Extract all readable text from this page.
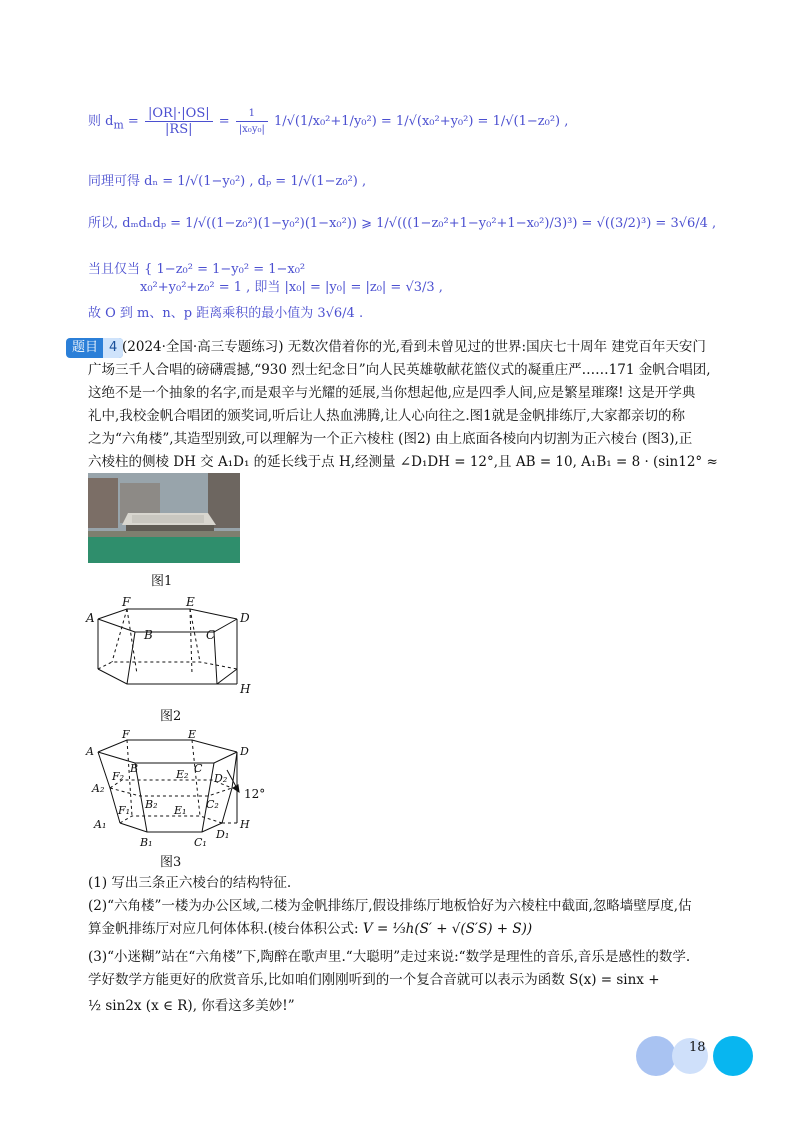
则 $d_m = \frac{|OR|\cdot|OS|}{|RS|} = \frac{1}{\text{|x₀y₀|}} 1/√(1/x_0^2+1/y_0^2) = 1/√(x_0^2+y_0^2) = 1/√(1-z_0^2)$ ,
同理可得 dₙ = 1/√(1−y₀²) , dₚ = 1/√(1−z₀²) ,
所以, dₘdₙdₚ = 1/√((1−z₀²)(1−y₀²)(1−x₀²)) ⩾ 1/√(((1−z₀²+1−y₀²+1−x₀²)/3)³) = √((3/2)³) = 3√6/4 ,
当且仅当 { 1−z₀² = 1−y₀² = 1−x₀²
x₀²+y₀²+z₀² = 1 , 即当 |x₀| = |y₀| = |z₀| = √3/3 ,
故 O 到 m、n、p 距离乘积的最小值为 3√6/4 .
题目 4 (2024·全国·高三专题练习) 无数次借着你的光,看到未曾见过的世界:国庆七十周年 建党百年天安门
广场三千人合唱的磅礴震撼,“930 烈士纪念日”向人民英雄敬献花篮仪式的凝重庄严……171 金帆合唱团,
这绝不是一个抽象的名字,而是艰辛与光耀的延展,当你想起他,应是四季人间,应是繁星璀璨! 这是开学典
礼中,我校金帆合唱团的颁奖词,听后让人热血沸腾,让人心向往之.图1就是金帆排练厅,大家都亲切的称
之为“六角楼”,其造型别致,可以理解为一个正六棱柱 (图2) 由上底面各棱向内切割为正六棱台 (图3),正
六棱柱的侧棱 DH 交 A₁D₁ 的延长线于点 H,经测量 ∠D₁DH = 12°,且 AB = 10, A₁B₁ = 8 · (sin12° ≈
图1
A
F	E
D
B	C
H
图2
A
F	E
D
B	C
F₂	E₂ D₂
A₂
B₂	C₂
F₁	E₁
A₁
D₁
H
B₁	C₁
12°
图3
(1) 写出三条正六棱台的结构特征.
(2)“六角楼”一楼为办公区域,二楼为金帆排练厅,假设排练厅地板恰好为六棱柱中截面,忽略墙壁厚度,估
算金帆排练厅对应几何体体积.(棱台体积公式: V = ⅓h(S′ + √(S′S) + S))
(3)“小迷糊”站在“六角楼”下,陶醉在歌声里.“大聪明”走过来说:“数学是理性的音乐,音乐是感性的数学.
学好数学方能更好的欣赏音乐,比如咱们刚刚听到的一个复合音就可以表示为函数 S(x) = sinx +
½ sin2x (x ∈ R), 你看这多美妙!”
18
